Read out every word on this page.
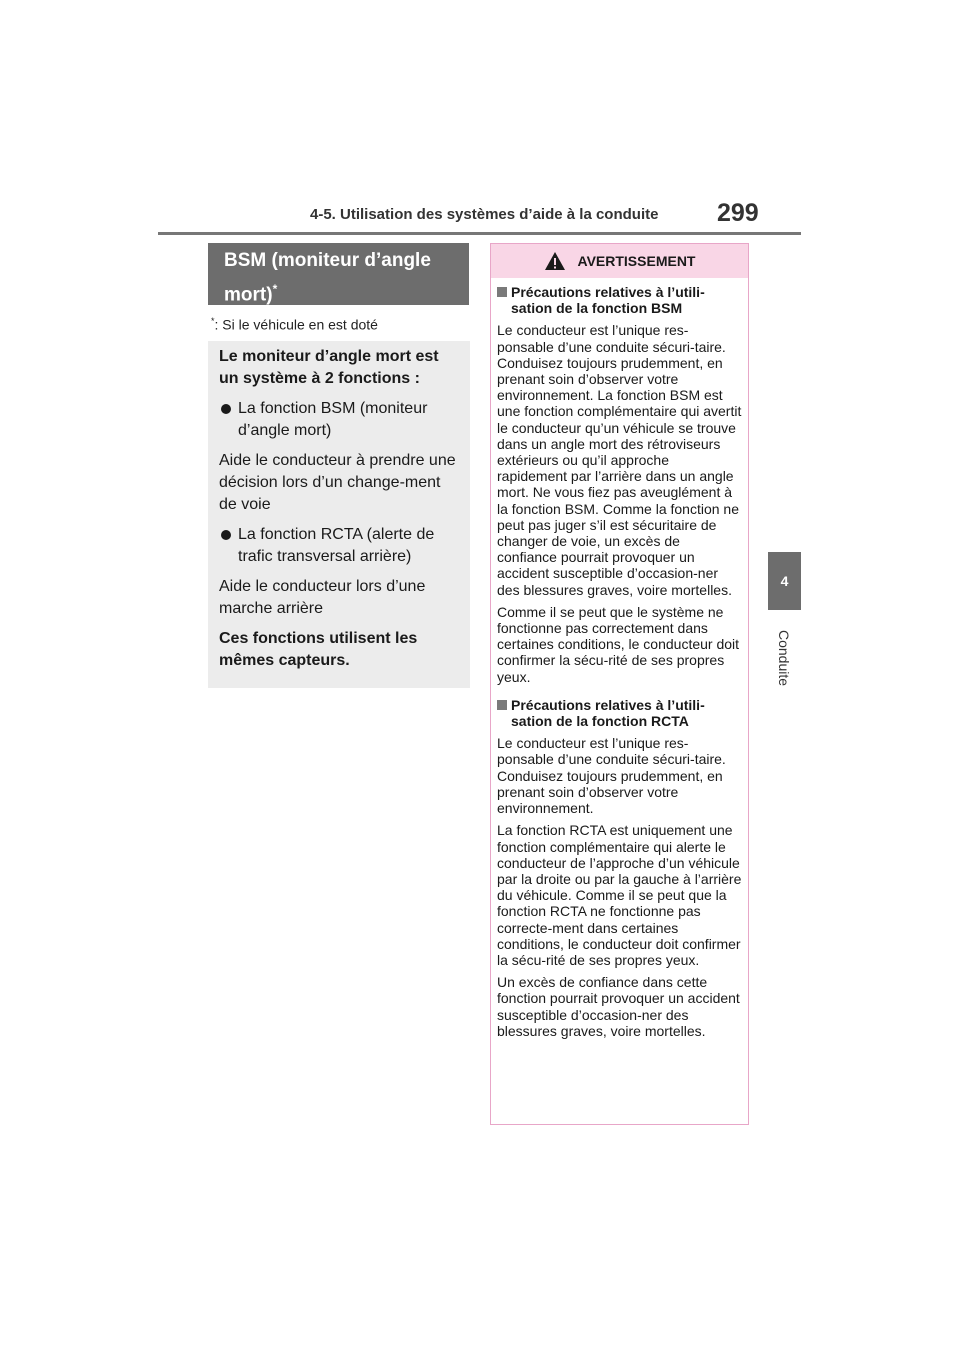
4-5. Utilisation des systèmes d’aide à la conduite	299
4
Conduite
BSM (moniteur d’angle mort)*
*: Si le véhicule en est doté

Le moniteur d’angle mort est un système à 2 fonctions :

La fonction BSM (moniteur d’angle mort)

Aide le conducteur à prendre une décision lors d’un change-ment de voie

La fonction RCTA (alerte de trafic transversal arrière)

Aide le conducteur lors d’une marche arrière

Ces fonctions utilisent les mêmes capteurs.

AVERTISSEMENT
Précautions relatives à l’utili-sation de la fonction BSM

Le conducteur est l’unique res-ponsable d’une conduite sécuri-taire. Conduisez toujours prudemment, en prenant soin d’observer votre environnement. La fonction BSM est une fonction complémentaire qui avertit le conducteur qu’un véhicule se trouve dans un angle mort des rétroviseurs extérieurs ou qu’il approche rapidement par l’arrière dans un angle mort. Ne vous fiez pas aveuglément à la fonction BSM. Comme la fonction ne peut pas juger s’il est sécuritaire de changer de voie, un excès de confiance pourrait provoquer un accident susceptible d’occasion-ner des blessures graves, voire mortelles.

Comme il se peut que le système ne fonctionne pas correctement dans certaines conditions, le conducteur doit confirmer la sécu-rité de ses propres yeux.

Précautions relatives à l’utili-sation de la fonction RCTA

Le conducteur est l’unique res-ponsable d’une conduite sécuri-taire. Conduisez toujours prudemment, en prenant soin d’observer votre environnement.

La fonction RCTA est uniquement une fonction complémentaire qui alerte le conducteur de l’approche d’un véhicule par la droite ou par la gauche à l’arrière du véhicule. Comme il se peut que la fonction RCTA ne fonctionne pas correcte-ment dans certaines conditions, le conducteur doit confirmer la sécu-rité de ses propres yeux.

Un excès de confiance dans cette fonction pourrait provoquer un accident susceptible d’occasion-ner des blessures graves, voire mortelles.
